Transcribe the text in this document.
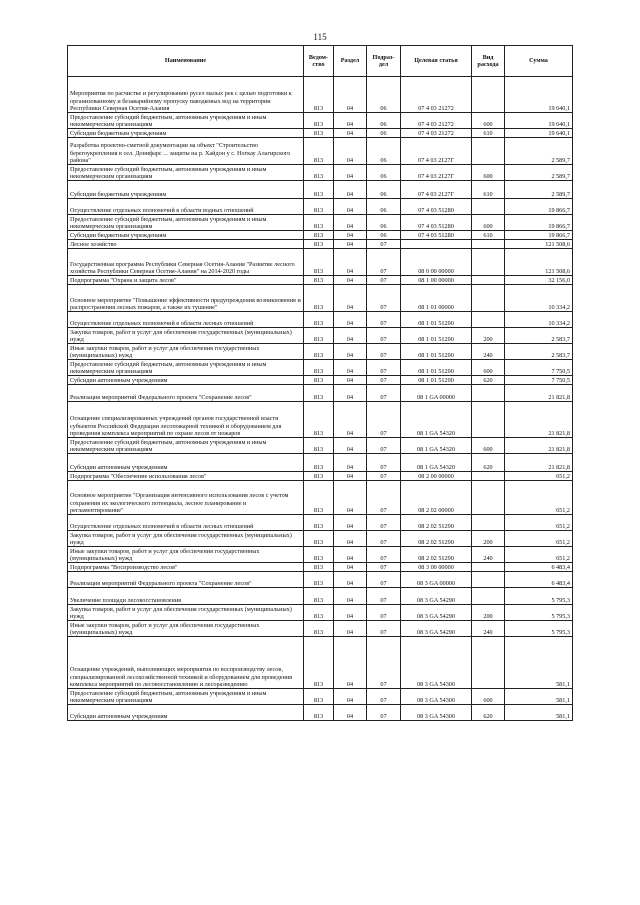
115
Наименование	Ведом-ство	Раздел	Подраз-дел	Целевая статья	Вид расхода	Сумма
Мероприятия по расчистке и регулированию русел малых рек с целью подготовки к организованному и безаварийному пропуску паводковых вод на территории Республики Северная Осетия-Алания	813	04	06	07 4 03 21272		19 640,1
Предоставление субсидий бюджетным, автономным учреждениям и иным некоммерческим организациям	813	04	06	07 4 03 21272	600	19 640,1
Субсидии бюджетным учреждениям	813	04	06	07 4 03 21272	610	19 640,1
Разработка проектно-сметной документации на объект "Строительство берегоукрепления в сел. Донифарс ... защиты на р. Хайдон у с. Ногкау Алагирского района"	813	04	06	07 4 03 2127Г		2 589,7
Предоставление субсидий бюджетным, автономным учреждениям и иным некоммерческим организациям	813	04	06	07 4 03 2127Г	600	2 589,7
Субсидии бюджетным учреждениям	813	04	06	07 4 03 2127Г	610	2 589,7
Осуществление отдельных полномочий в области водных отношений	813	04	06	07 4 03 51280		19 866,7
Предоставление субсидий бюджетным, автономным учреждениям и иным некоммерческим организациям	813	04	06	07 4 03 51280	600	19 866,7
Субсидии бюджетным учреждениям	813	04	06	07 4 03 51280	610	19 866,7
Лесное хозяйство	813	04	07			121 508,6
Государственная программа Республики Северная Осетия-Алания "Развитие лесного хозяйства Республики Северная Осетия-Алания" на 2014-2020 годы	813	04	07	08 0 00 00000		121 508,6
Подпрограмма "Охрана и защита лесов"	813	04	07	08 1 00 00000		32 156,0
Основное мероприятие "Повышение эффективности предупреждения возникновения и распространения лесных пожаров, а также их тушение"	813	04	07	08 1 01 00000		10 334,2
Осуществление отдельных полномочий в области лесных отношений	813	04	07	08 1 01 51290		10 334,2
Закупка товаров, работ и услуг для обеспечения государственных (муниципальных) нужд	813	04	07	08 1 01 51290	200	2 583,7
Иные закупки товаров, работ и услуг для обеспечения государственных (муниципальных) нужд	813	04	07	08 1 01 51290	240	2 583,7
Предоставление субсидий бюджетным, автономным учреждениям и иным некоммерческим организациям	813	04	07	08 1 01 51290	600	7 750,5
Субсидии автономным учреждениям	813	04	07	08 1 01 51290	620	7 750,5
Реализация мероприятий Федерального проекта "Сохранение лесов"	813	04	07	08 1 GA 00000		21 821,8
Оснащение специализированных учреждений органов государственной власти субъектов Российской Федерации лесопожарной техникой и оборудованием для проведения комплекса мероприятий по охране лесов от пожаров	813	04	07	08 1 GA 54320		21 821,8
Предоставление субсидий бюджетным, автономным учреждениям и иным некоммерческим организациям	813	04	07	08 1 GA 54320	600	21 821,8
Субсидии автономным учреждениям	813	04	07	08 1 GA 54320	620	21 821,8
Подпрограмма "Обеспечение использования лесов"	813	04	07	08 2 00 00000		651,2
Основное мероприятие "Организация интенсивного использования лесов с учетом сохранения их экологического потенциала, лесное планирование и регламентирование"	813	04	07	08 2 02 00000		651,2
Осуществление отдельных полномочий в области лесных отношений	813	04	07	08 2 02 51290		651,2
Закупка товаров, работ и услуг для обеспечения государственных (муниципальных) нужд	813	04	07	08 2 02 51290	200	651,2
Иные закупки товаров, работ и услуг для обеспечения государственных (муниципальных) нужд	813	04	07	08 2 02 51290	240	651,2
Подпрограмма "Воспроизводство лесов"	813	04	07	08 3 00 00000		6 483,4
Реализация мероприятий Федерального проекта "Сохранение лесов"	813	04	07	08 3 GA 00000		6 483,4
Увеличение площади лесовосстановления	813	04	07	08 3 GA 54290		5 795,3
Закупка товаров, работ и услуг для обеспечения государственных (муниципальных) нужд	813	04	07	08 3 GA 54290	200	5 795,3
Иные закупки товаров, работ и услуг для обеспечения государственных (муниципальных) нужд	813	04	07	08 3 GA 54290	240	5 795,3
Оснащение учреждений, выполняющих мероприятия по воспроизводству лесов, специализированной лесохозяйственной техникой и оборудованием для проведения комплекса мероприятий по лесовосстановлению и лесоразведению	813	04	07	08 3 GA 54300		581,1
Предоставление субсидий бюджетным, автономным учреждениям и иным некоммерческим организациям	813	04	07	08 3 GA 54300	600	581,1
Субсидии автономным учреждениям	813	04	07	08 3 GA 54300	620	581,1
